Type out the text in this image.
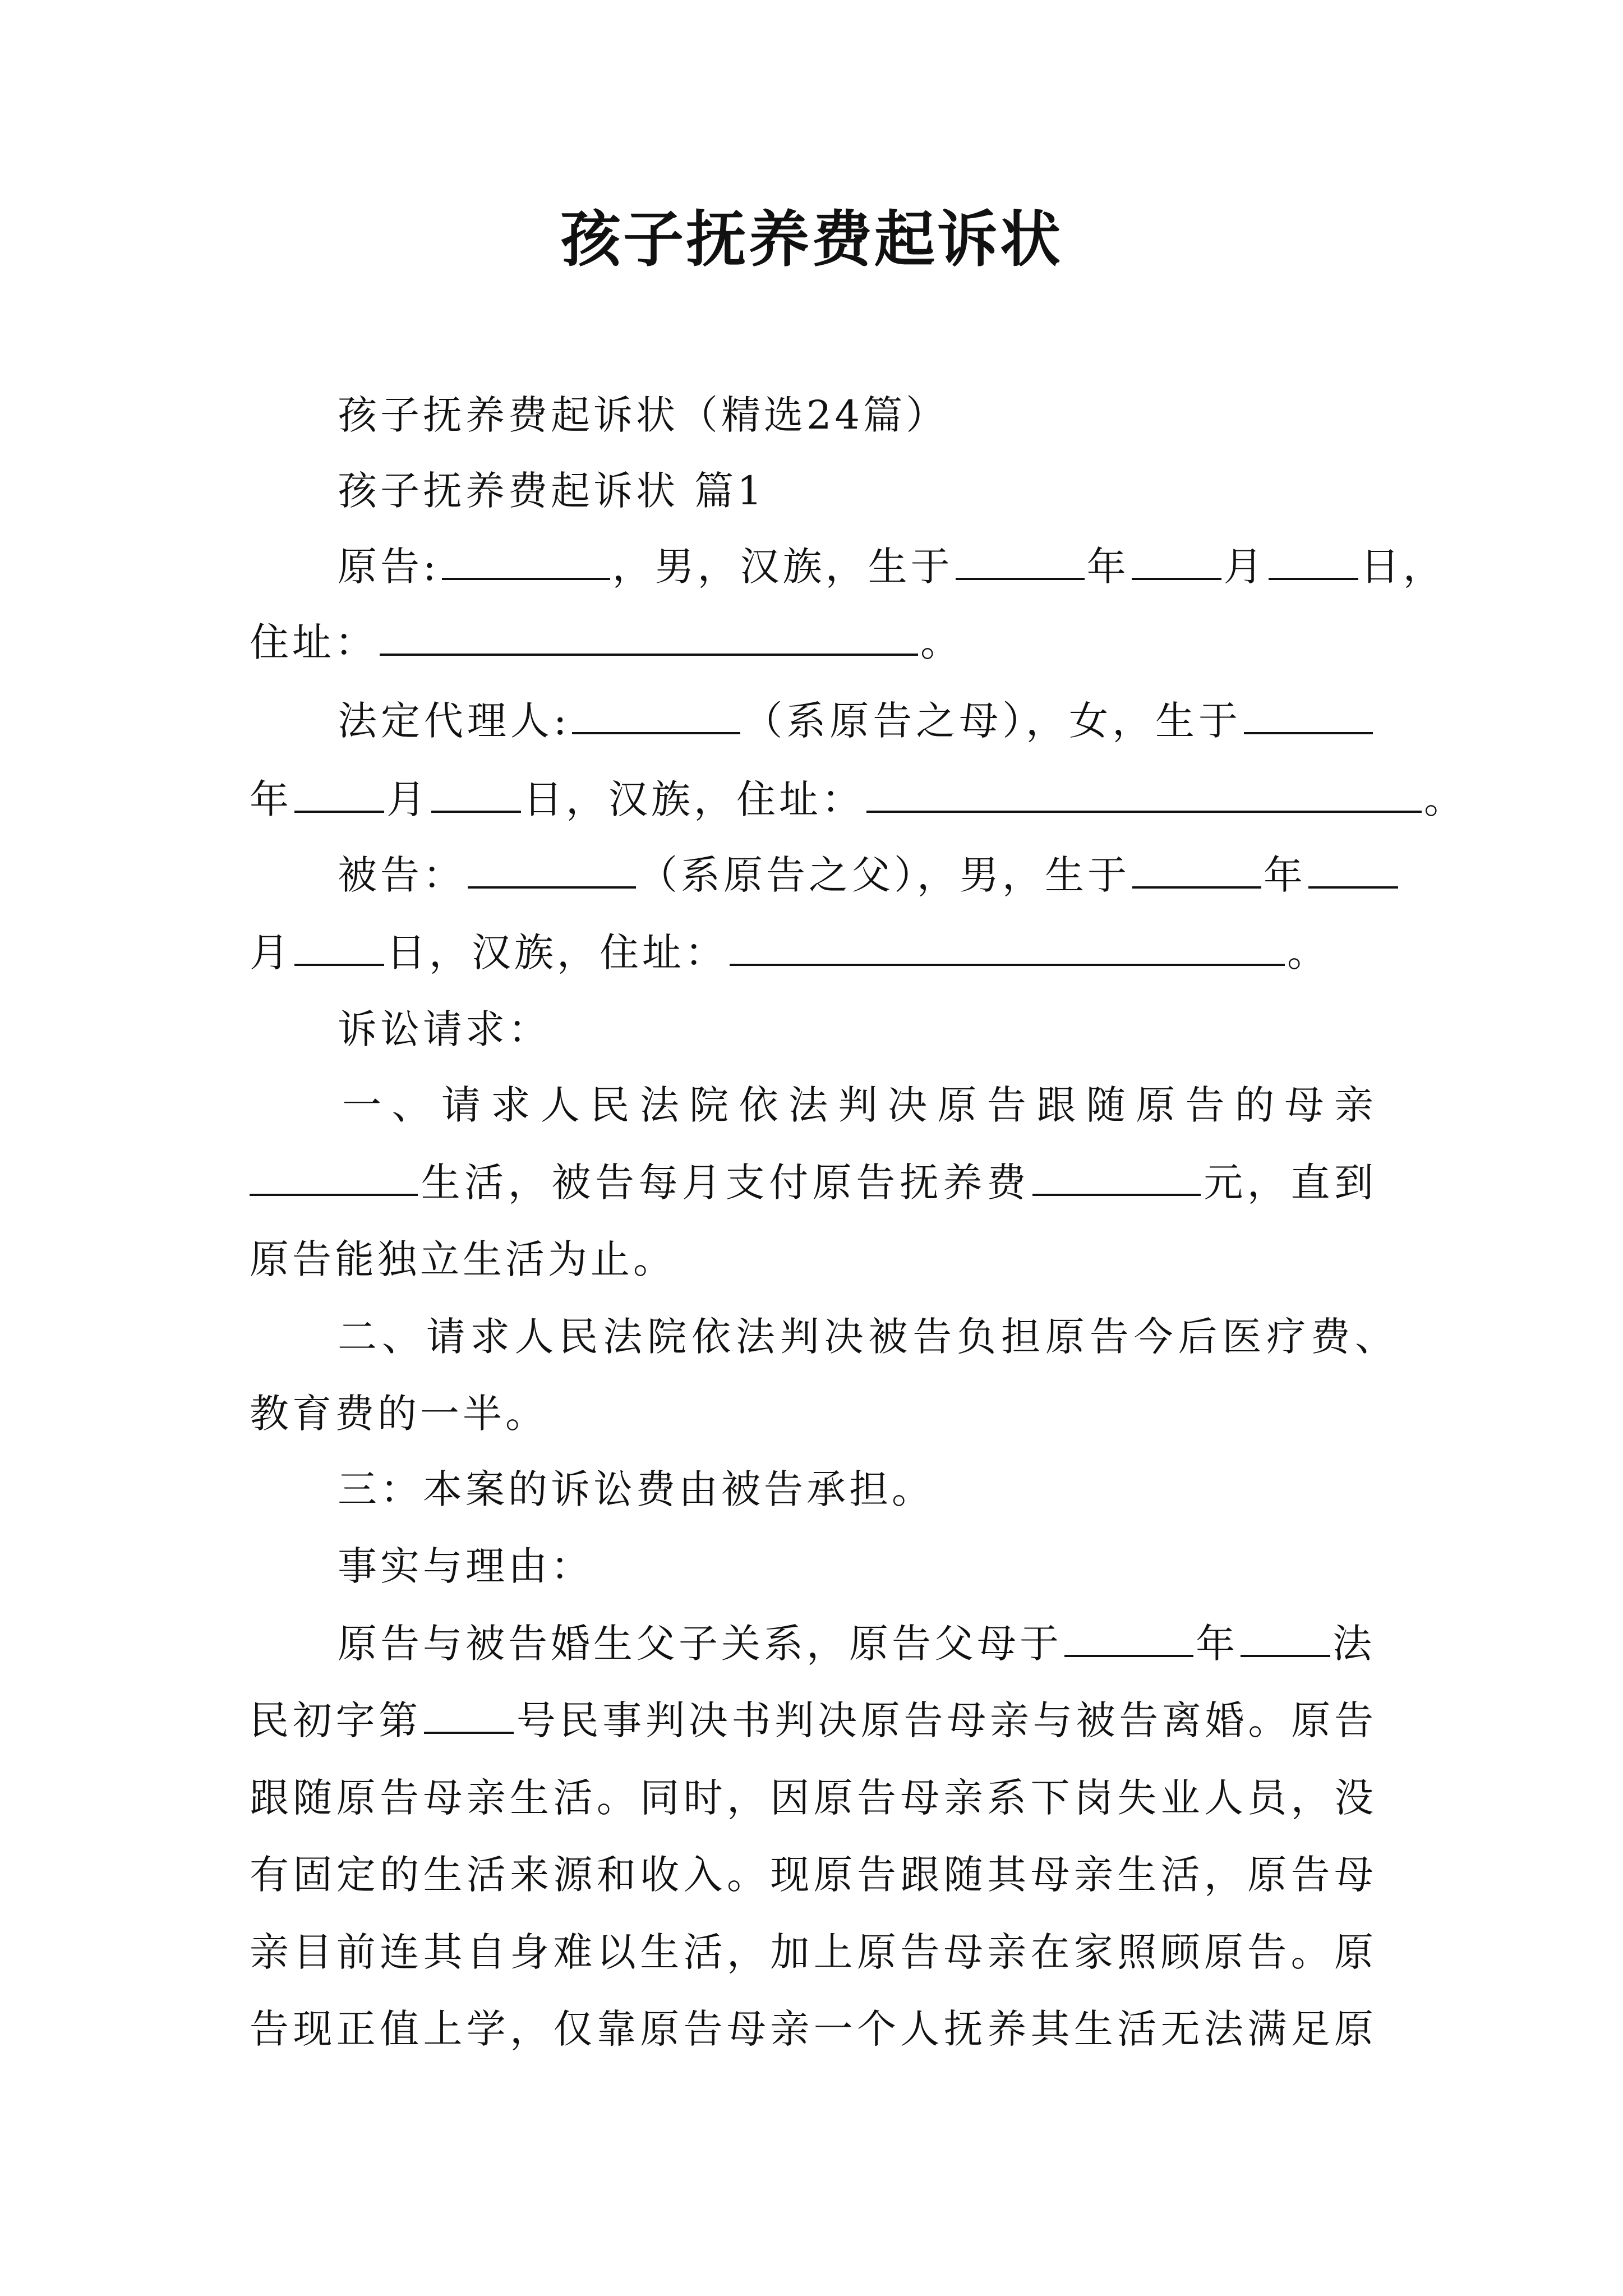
孩子抚养费起诉状
孩子抚养费起诉状（精选24篇）
孩子抚养费起诉状 篇1
原告:	，男，汉族，生于	年 月 日，
住址：	。
法定代理人:	（系原告之母），女，生于
年 月 日，汉族，住址：	。
被告：	（系原告之父），男，生于	年
月 日，汉族，住址：	。
诉讼请求：
一、请求人民法院依法判决原告跟随原告的母亲
生活，被告每月支付原告抚养费	元，直到
原告能独立生活为止。
二、请求人民法院依法判决被告负担原告今后医疗费、
教育费的一半。
三：本案的诉讼费由被告承担。
事实与理由：
原告与被告婚生父子关系，原告父母于	年 法
民初字第 号民事判决书判决原告母亲与被告离婚。原告
跟随原告母亲生活。同时，因原告母亲系下岗失业人员，没
有固定的生活来源和收入。现原告跟随其母亲生活，原告母
亲目前连其自身难以生活，加上原告母亲在家照顾原告。原
告现正值上学，仅靠原告母亲一个人抚养其生活无法满足原
